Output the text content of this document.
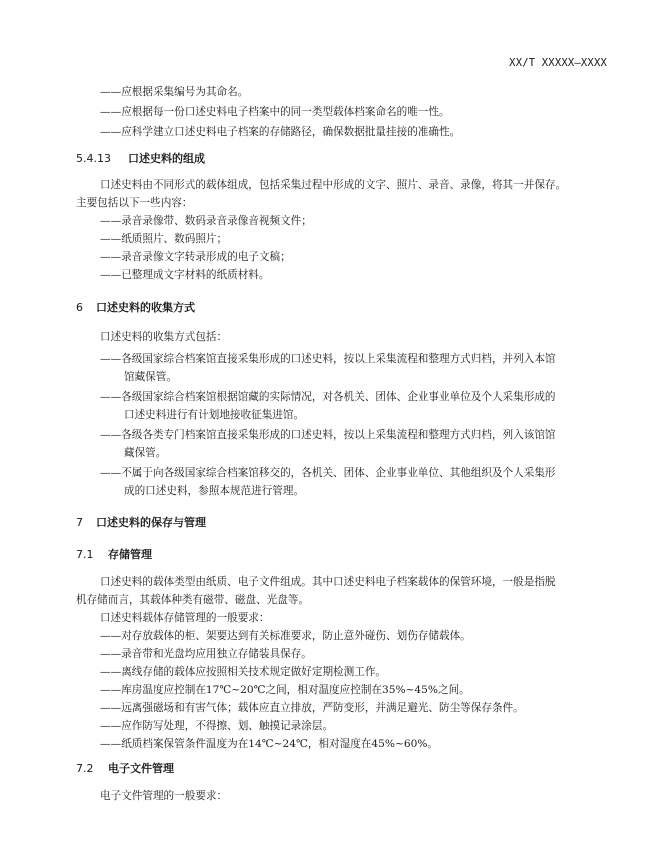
XX/T XXXXX—XXXX
——应根据采集编号为其命名。
——应根据每一份口述史料电子档案中的同一类型载体档案命名的唯一性。
——应科学建立口述史料电子档案的存储路径，确保数据批量挂接的准确性。
5.4.13 口述史料的组成
口述史料由不同形式的载体组成，包括采集过程中形成的文字、照片、录音、录像，将其一并保存。
主要包括以下一些内容：
——录音录像带、数码录音录像音视频文件；
——纸质照片、数码照片；
——录音录像文字转录形成的电子文稿；
——已整理成文字材料的纸质材料。
6 口述史料的收集方式
口述史料的收集方式包括：
——各级国家综合档案馆直接采集形成的口述史料，按以上采集流程和整理方式归档，并列入本馆
馆藏保管。
——各级国家综合档案馆根据馆藏的实际情况，对各机关、团体、企业事业单位及个人采集形成的
口述史料进行有计划地接收征集进馆。
——各级各类专门档案馆直接采集形成的口述史料，按以上采集流程和整理方式归档，列入该馆馆
藏保管。
——不属于向各级国家综合档案馆移交的，各机关、团体、企业事业单位、其他组织及个人采集形
成的口述史料，参照本规范进行管理。
7 口述史料的保存与管理
7.1 存储管理
口述史料的载体类型由纸质、电子文件组成。其中口述史料电子档案载体的保管环境，一般是指脱
机存储而言，其载体种类有磁带、磁盘、光盘等。
口述史料载体存储管理的一般要求：
——对存放载体的柜、架要达到有关标准要求，防止意外碰伤、划伤存储载体。
——录音带和光盘均应用独立存储装具保存。
——离线存储的载体应按照相关技术规定做好定期检测工作。
——库房温度应控制在17℃~20℃之间，相对温度应控制在35%~45%之间。
——远离强磁场和有害气体；载体应直立排放，严防变形，并满足避光、防尘等保存条件。
——应作防写处理，不得擦、划、触摸记录涂层。
——纸质档案保管条件温度为在14℃~24℃，相对湿度在45%~60%。
7.2 电子文件管理
电子文件管理的一般要求：
